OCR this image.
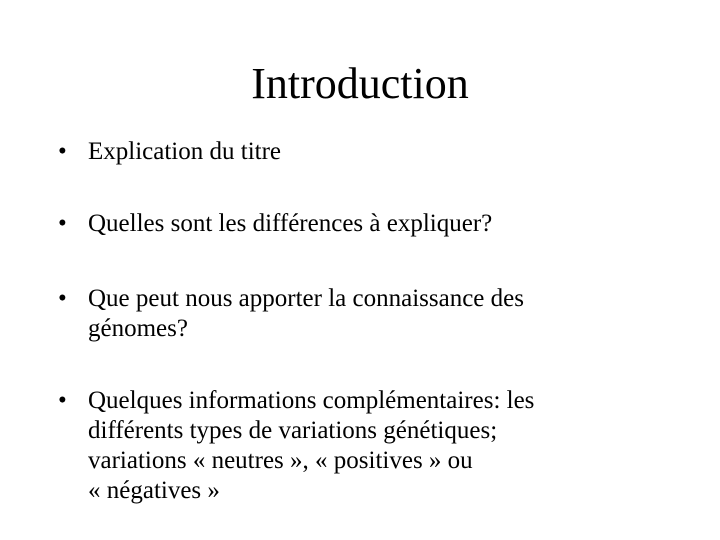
Introduction
• Explication du titre
• Quelles sont les différences à expliquer?
• Que peut nous apporter la connaissance des
génomes?
• Quelques informations complémentaires: les
différents types de variations génétiques;
variations « neutres », « positives » ou
« négatives »
